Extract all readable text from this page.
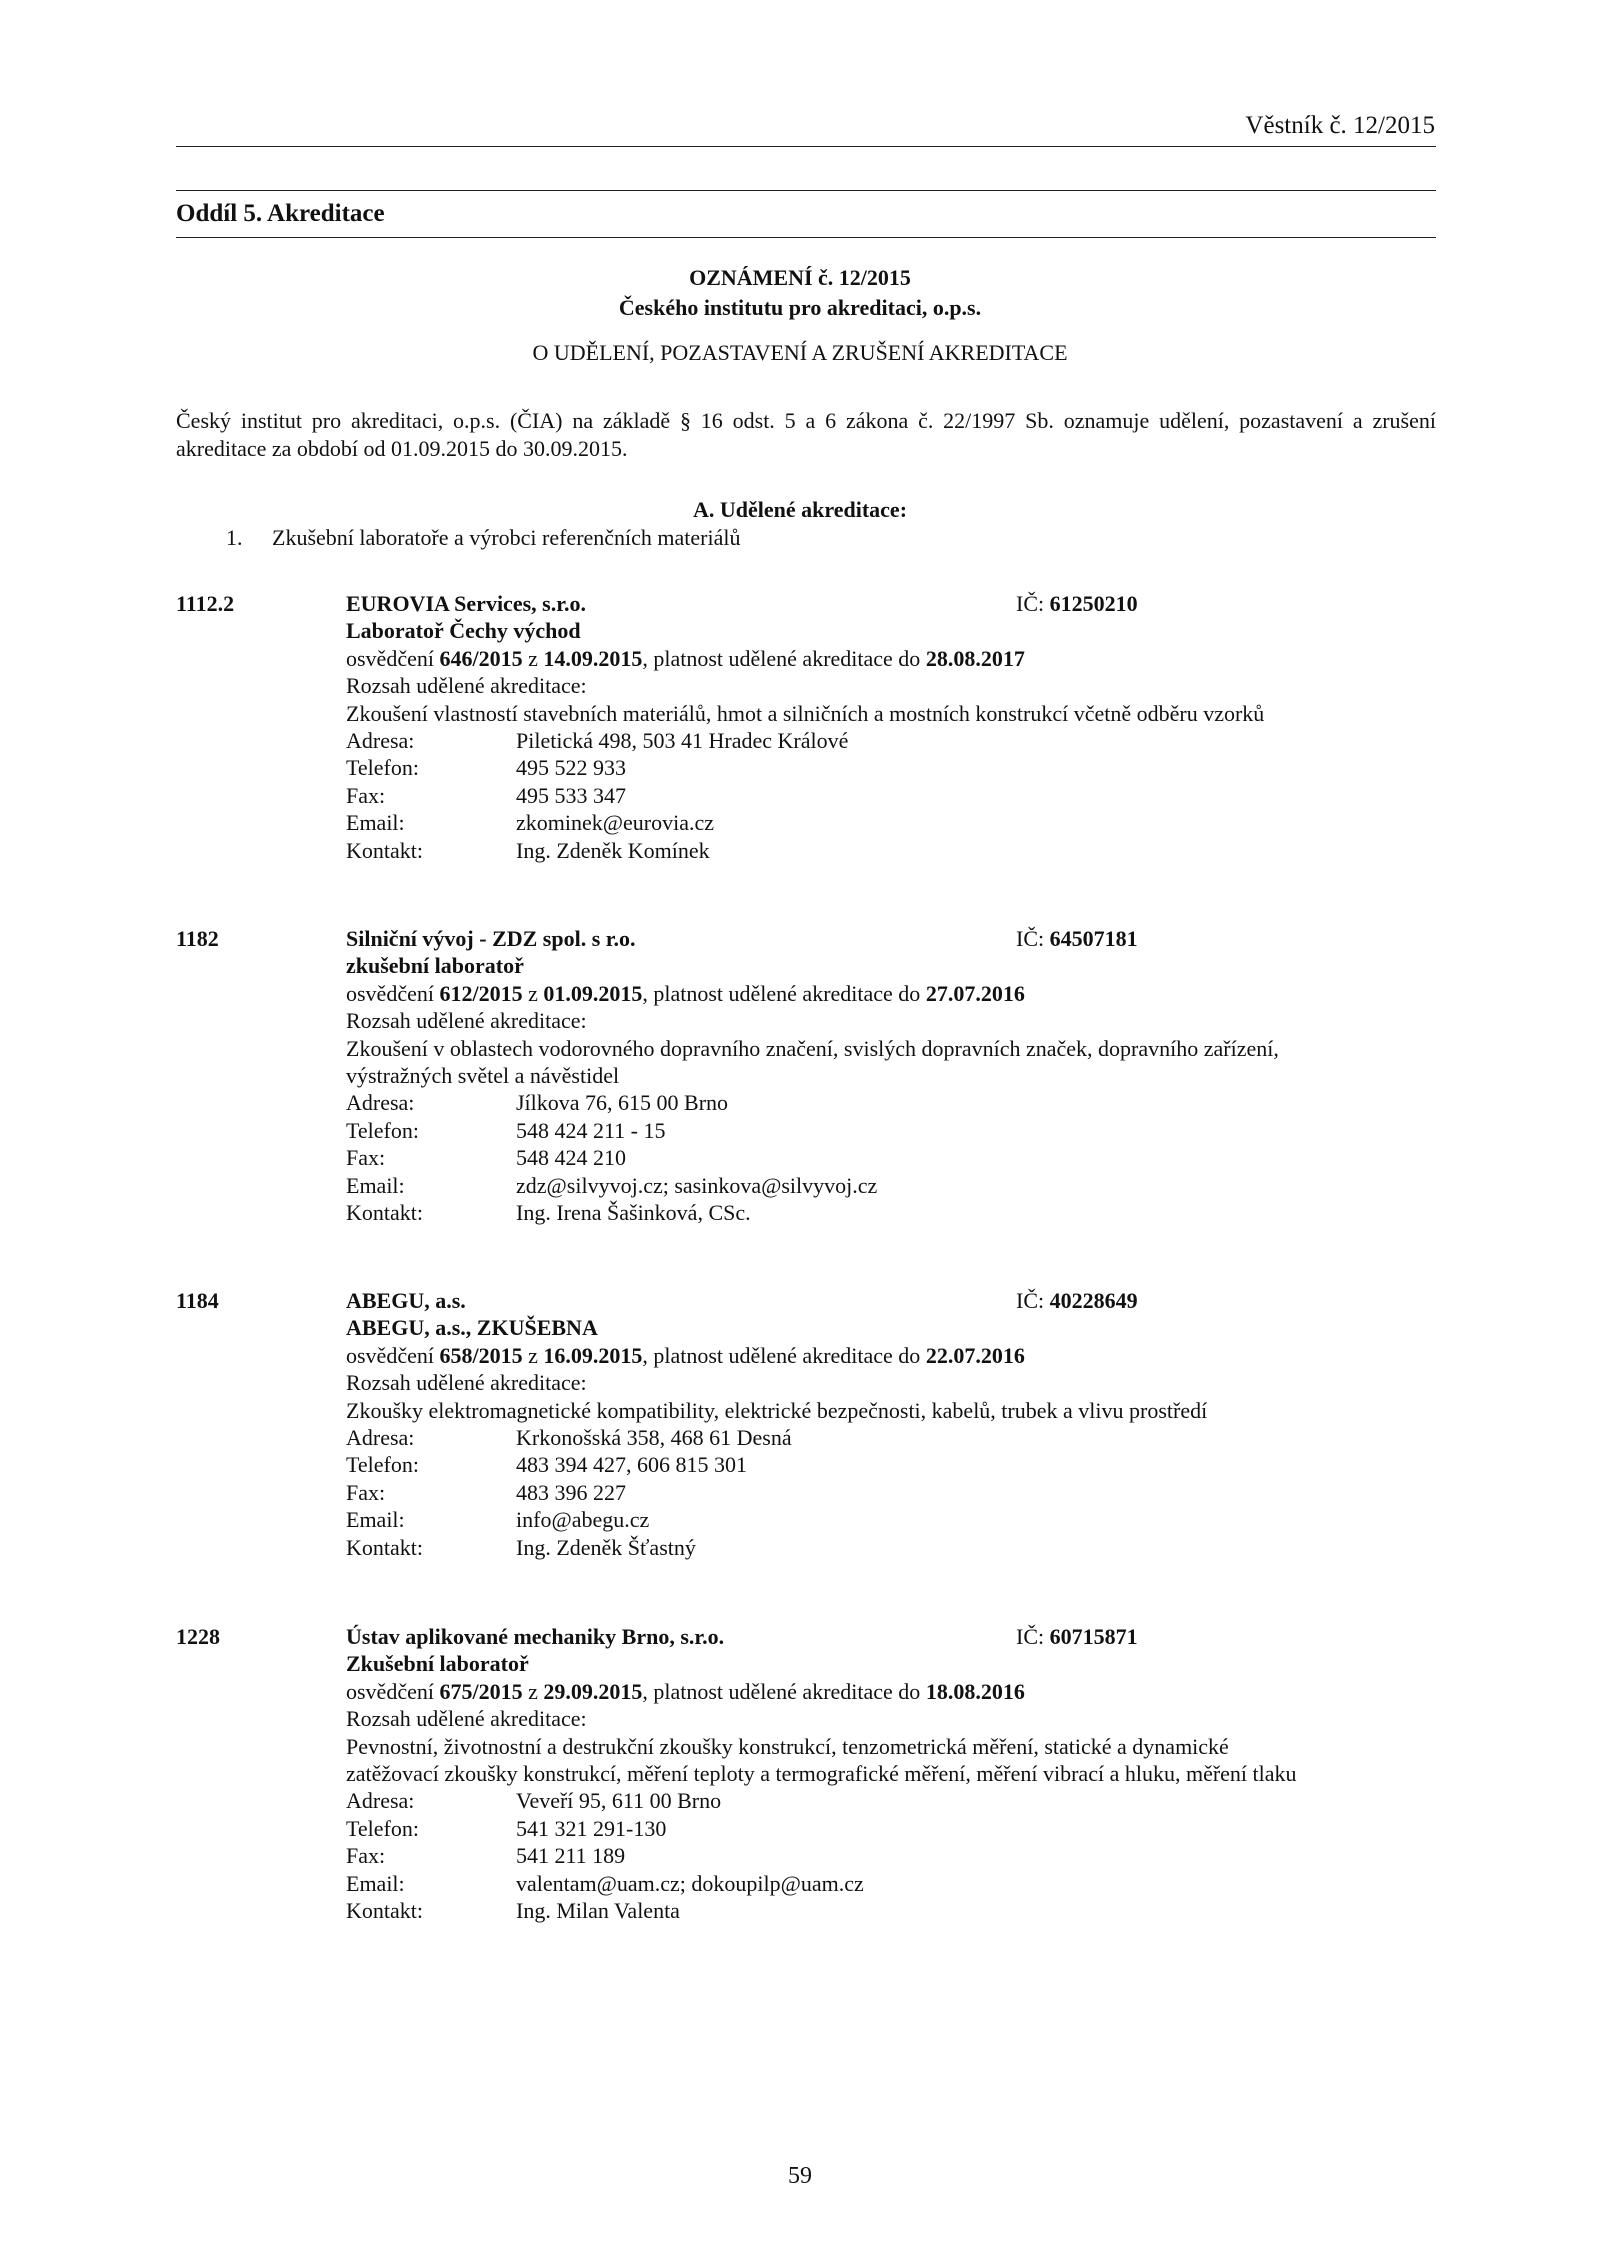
Věstník č. 12/2015
Oddíl 5. Akreditace
OZNÁMENÍ č. 12/2015
Českého institutu pro akreditaci, o.p.s.
O UDĚLENÍ, POZASTAVENÍ A ZRUŠENÍ AKREDITACE
Český institut pro akreditaci, o.p.s. (ČIA) na základě § 16 odst. 5 a 6 zákona č. 22/1997 Sb. oznamuje udělení, pozastavení a zrušení akreditace za období od 01.09.2015 do 30.09.2015.
A. Udělené akreditace:
1. Zkušební laboratoře a výrobci referenčních materiálů
1112.2	IČ: 61250210
EUROVIA Services, s.r.o.
Laboratoř Čechy východ
osvědčení 646/2015 z 14.09.2015, platnost udělené akreditace do 28.08.2017
Rozsah udělené akreditace:
Zkoušení vlastností stavebních materiálů, hmot a silničních a mostních konstrukcí včetně odběru vzorků
Adresa:	Piletická 498, 503 41 Hradec Králové
Telefon:	495 522 933
Fax:	495 533 347
Email:	zkominek@eurovia.cz
Kontakt:	Ing. Zdeněk Komínek
1182	IČ: 64507181
Silniční vývoj - ZDZ spol. s r.o.
zkušební laboratoř
osvědčení 612/2015 z 01.09.2015, platnost udělené akreditace do 27.07.2016
Rozsah udělené akreditace:
Zkoušení v oblastech vodorovného dopravního značení, svislých dopravních značek, dopravního zařízení,
výstražných světel a návěstidel
Adresa:	Jílkova 76, 615 00 Brno
Telefon:	548 424 211 - 15
Fax:	548 424 210
Email:	zdz@silvyvoj.cz; sasinkova@silvyvoj.cz
Kontakt:	Ing. Irena Šašinková, CSc.
1184	IČ: 40228649
ABEGU, a.s.
ABEGU, a.s., ZKUŠEBNA
osvědčení 658/2015 z 16.09.2015, platnost udělené akreditace do 22.07.2016
Rozsah udělené akreditace:
Zkoušky elektromagnetické kompatibility, elektrické bezpečnosti, kabelů, trubek a vlivu prostředí
Adresa:	Krkonošská 358, 468 61 Desná
Telefon:	483 394 427, 606 815 301
Fax:	483 396 227
Email:	info@abegu.cz
Kontakt:	Ing. Zdeněk Šťastný
1228	IČ: 60715871
Ústav aplikované mechaniky Brno, s.r.o.
Zkušební laboratoř
osvědčení 675/2015 z 29.09.2015, platnost udělené akreditace do 18.08.2016
Rozsah udělené akreditace:
Pevnostní, životnostní a destrukční zkoušky konstrukcí, tenzometrická měření, statické a dynamické
zatěžovací zkoušky konstrukcí, měření teploty a termografické měření, měření vibrací a hluku, měření tlaku
Adresa:	Veveří 95, 611 00 Brno
Telefon:	541 321 291-130
Fax:	541 211 189
Email:	valentam@uam.cz; dokoupilp@uam.cz
Kontakt:	Ing. Milan Valenta
59
